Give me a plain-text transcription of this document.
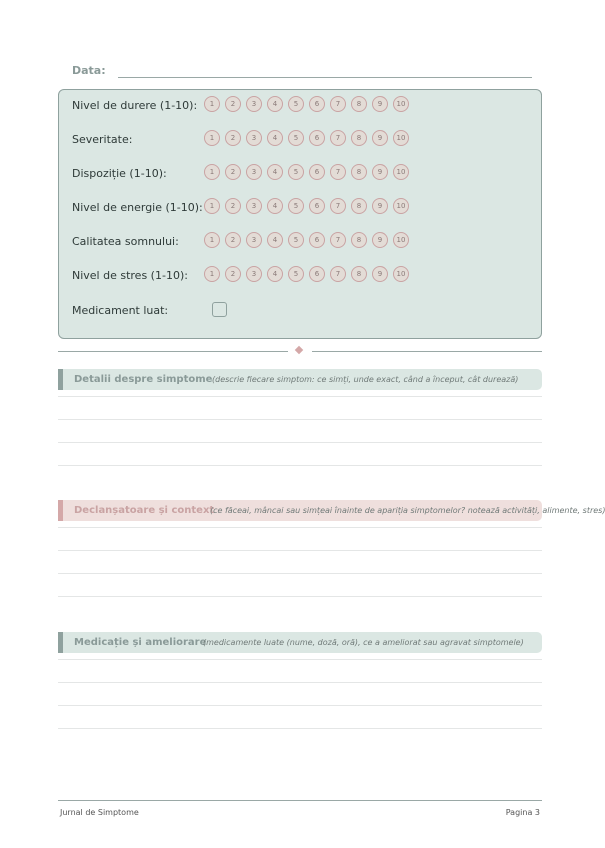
Data:
Nivel de durere (1-10):	1	2	3	4	5	6	7	8	9	10
Severitate:	1	2	3	4	5	6	7	8	9	10
Dispoziție (1-10):	1	2	3	4	5	6	7	8	9	10
Nivel de energie (1-10):	1	2	3	4	5	6	7	8	9	10
Calitatea somnului:	1	2	3	4	5	6	7	8	9	10
Nivel de stres (1-10):	1	2	3	4	5	6	7	8	9	10
Medicament luat:
Detalii despre simptome (descrie fiecare simptom: ce simți, unde exact, când a început, cât durează)
Declanșatoare și context
(ce făceai, mâncai sau simțeai înainte de apariția simptomelor? notează activități, alimente, stres)
Medicație și ameliorare
(medicamente luate (nume, doză, oră), ce a ameliorat sau agravat simptomele)
Jurnal de Simptome	Pagina 3
